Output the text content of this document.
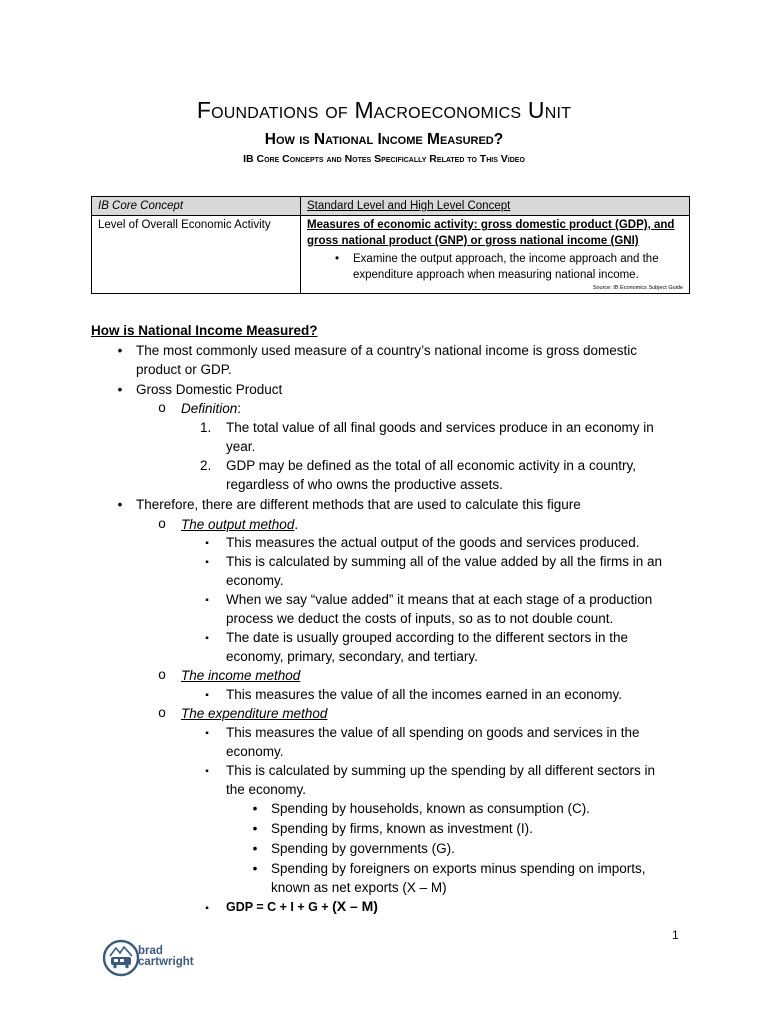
Foundations of Macroeconomics Unit
How is National Income Measured?
IB Core Concepts and Notes Specifically Related to This Video
IB Core Concept	Standard Level and High Level Concept
Level of Overall Economic Activity	Measures of economic activity: gross domestic product (GDP), and gross national product (GNP) or gross national income (GNI)
• Examine the output approach, the income approach and the expenditure approach when measuring national income.
Source: IB Economics Subject Guide
How is National Income Measured?
•	The most commonly used measure of a country’s national income is gross domestic
product or GDP.
•	Gross Domestic Product
o	Definition:
1. The total value of all final goods and services produce in an economy in
year.
2. GDP may be defined as the total of all economic activity in a country,
regardless of who owns the productive assets.
•	Therefore, there are different methods that are used to calculate this figure
o	The output method.
▪	This measures the actual output of the goods and services produced.
▪	This is calculated by summing all of the value added by all the firms in an
economy.
▪	When we say “value added” it means that at each stage of a production
process we deduct the costs of inputs, so as to not double count.
▪	The date is usually grouped according to the different sectors in the
economy, primary, secondary, and tertiary.
o	The income method
▪	This measures the value of all the incomes earned in an economy.
o	The expenditure method
▪	This measures the value of all spending on goods and services in the
economy.
▪	This is calculated by summing up the spending by all different sectors in
the economy.
•	Spending by households, known as consumption (C).
•	Spending by firms, known as investment (I).
•	Spending by governments (G).
•	Spending by foreigners on exports minus spending on imports,
known as net exports (X – M)
▪	GDP = C + I + G + (X – M)
1
brad
cartwright
